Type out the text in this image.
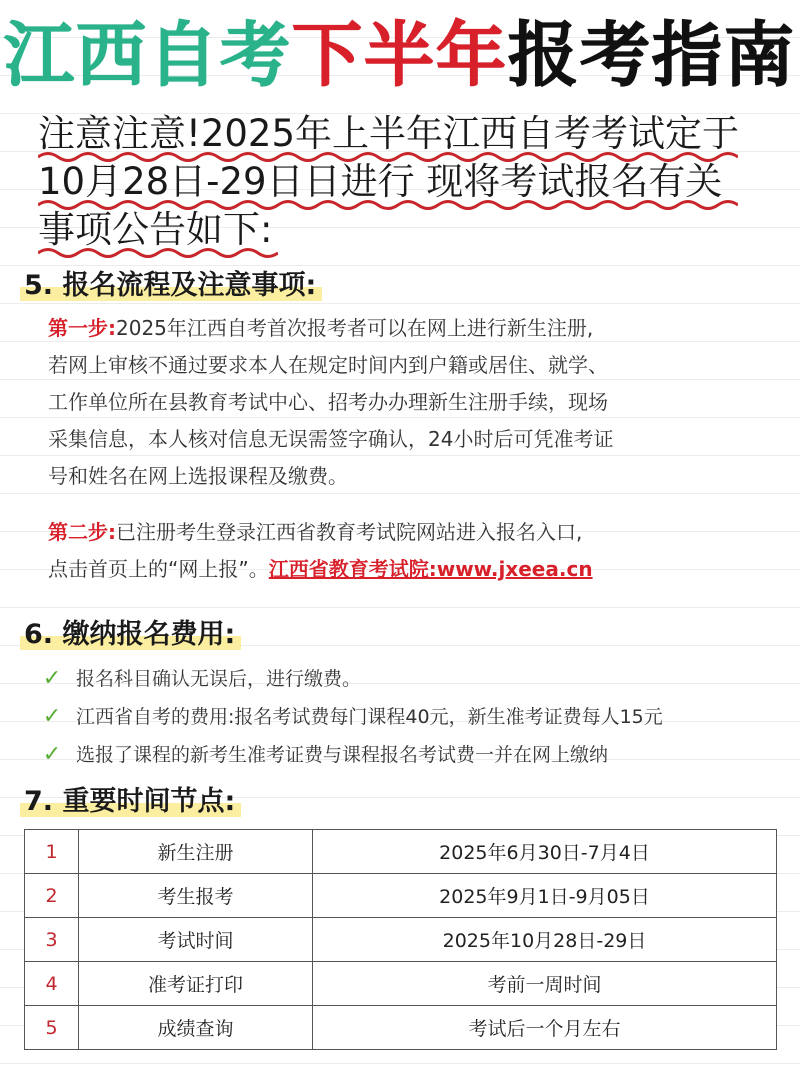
江西自考下半年报考指南
注意注意!2025年上半年江西自考考试定于
10月28日-29日日进行 现将考试报名有关
事项公告如下:
5. 报名流程及注意事项:
第一步:2025年江西自考首次报考者可以在网上进行新生注册,
若网上审核不通过要求本人在规定时间内到户籍或居住、就学、
工作单位所在县教育考试中心、招考办办理新生注册手续，现场
采集信息，本人核对信息无误需签字确认，24小时后可凭准考证
号和姓名在网上选报课程及缴费。
第二步:已注册考生登录江西省教育考试院网站进入报名入口,
点击首页上的“网上报”。江西省教育考试院:www.jxeea.cn
6. 缴纳报名费用:
✓ 报名科目确认无误后，进行缴费。
✓ 江西省自考的费用:报名考试费每门课程40元，新生准考证费每人15元
✓ 选报了课程的新考生准考证费与课程报名考试费一并在网上缴纳
7. 重要时间节点:
1	新生注册	2025年6月30日-7月4日
2	考生报考	2025年9月1日-9月05日
3	考试时间	2025年10月28日-29日
4	准考证打印	考前一周时间
5	成绩查询	考试后一个月左右
